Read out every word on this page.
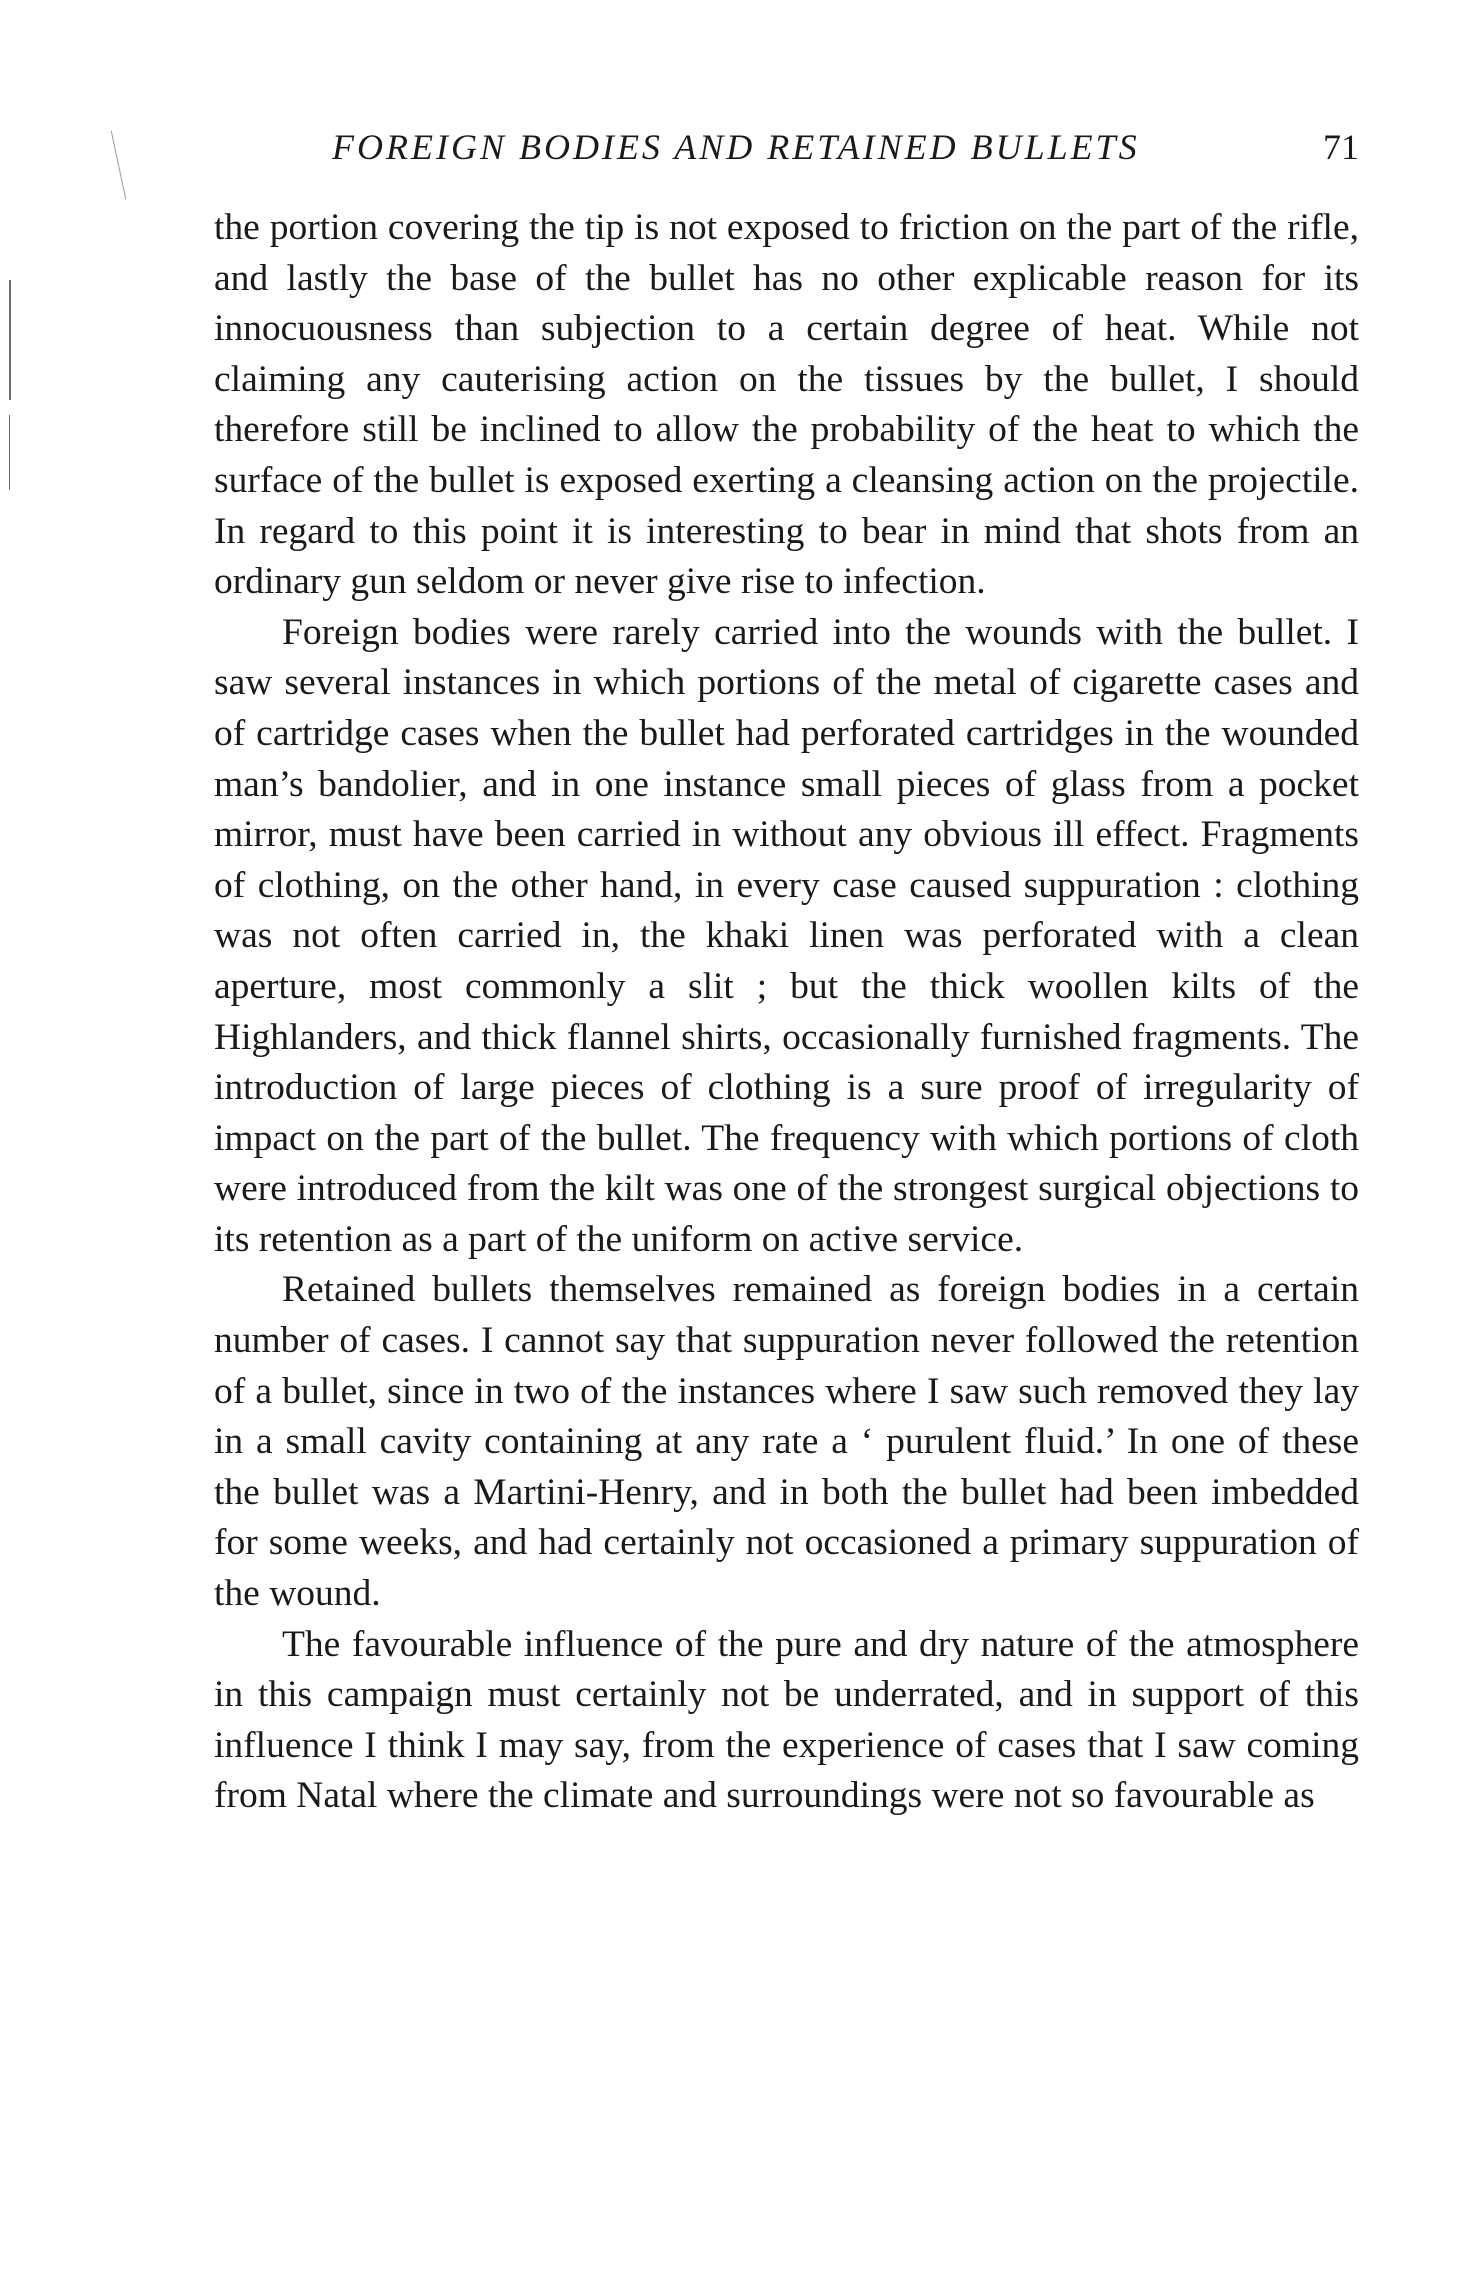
FOREIGN BODIES AND RETAINED BULLETS	71

the portion covering the tip is not exposed to friction on the part of the rifle, and lastly the base of the bullet has no other explicable reason for its innocuousness than subjection to a certain degree of heat. While not claiming any cauterising action on the tissues by the bullet, I should therefore still be inclined to allow the probability of the heat to which the surface of the bullet is exposed exerting a cleansing action on the projectile. In regard to this point it is interesting to bear in mind that shots from an ordinary gun seldom or never give rise to infection.

Foreign bodies were rarely carried into the wounds with the bullet. I saw several instances in which portions of the metal of cigarette cases and of cartridge cases when the bullet had perforated cartridges in the wounded man’s bandolier, and in one instance small pieces of glass from a pocket mirror, must have been carried in without any obvious ill effect. Fragments of clothing, on the other hand, in every case caused suppuration : clothing was not often carried in, the khaki linen was perforated with a clean aperture, most commonly a slit ; but the thick woollen kilts of the Highlanders, and thick flannel shirts, occasionally furnished fragments. The introduction of large pieces of clothing is a sure proof of irregularity of impact on the part of the bullet. The frequency with which portions of cloth were introduced from the kilt was one of the strongest surgical objections to its retention as a part of the uniform on active service.

Retained bullets themselves remained as foreign bodies in a certain number of cases. I cannot say that suppuration never followed the retention of a bullet, since in two of the instances where I saw such removed they lay in a small cavity containing at any rate a ‘ purulent fluid.’ In one of these the bullet was a Martini-Henry, and in both the bullet had been imbedded for some weeks, and had certainly not occasioned a primary suppuration of the wound.

The favourable influence of the pure and dry nature of the atmosphere in this campaign must certainly not be underrated, and in support of this influence I think I may say, from the experience of cases that I saw coming from Natal where the climate and surroundings were not so favourable as
